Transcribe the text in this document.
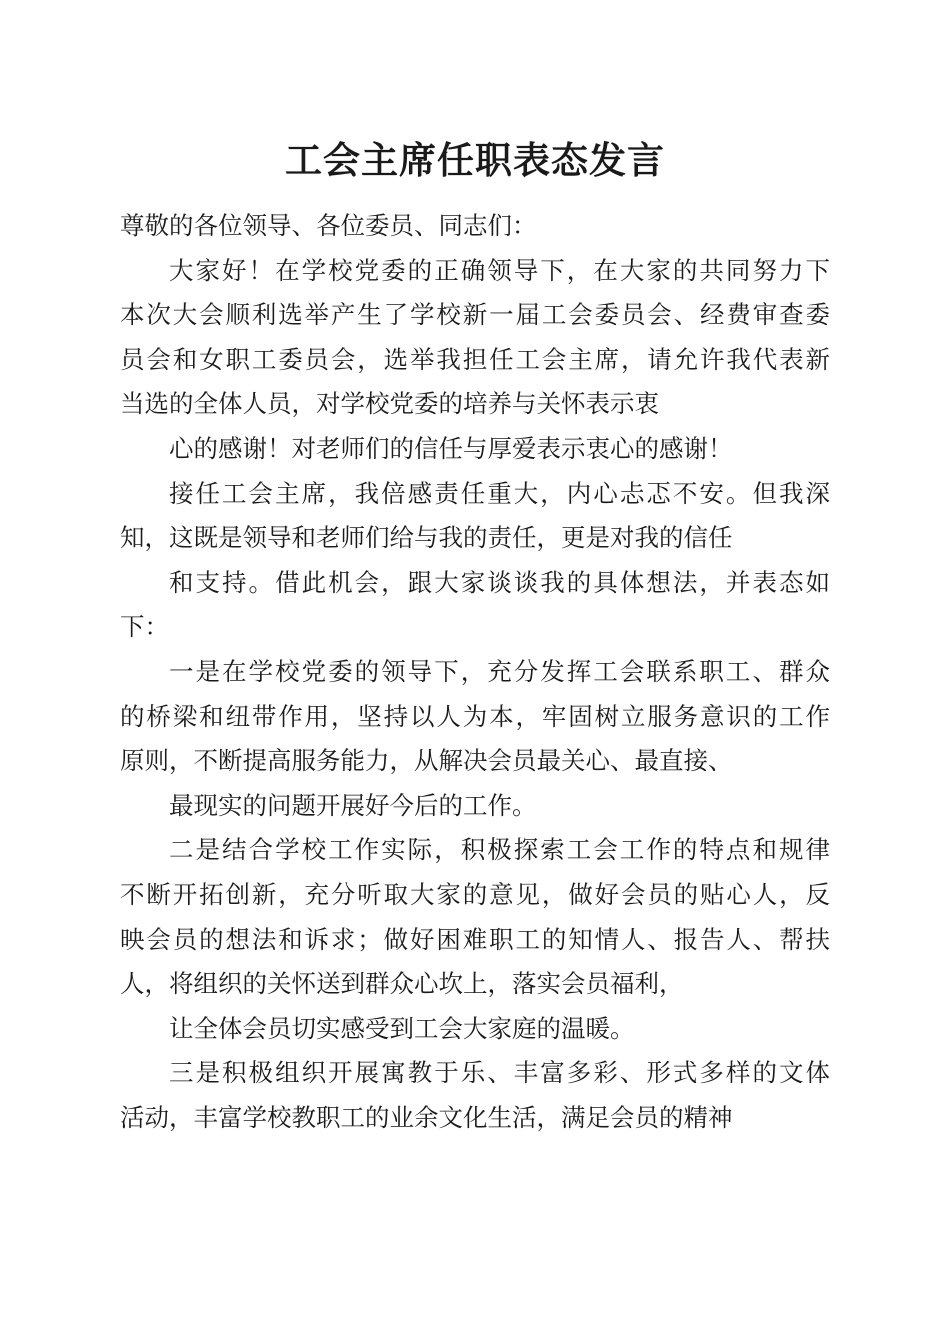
工会主席任职表态发言

尊敬的各位领导、各位委员、同志们：

大家好！在学校党委的正确领导下，在大家的共同努力下

本次大会顺利选举产生了学校新一届工会委员会、经费审查委

员会和女职工委员会，选举我担任工会主席，请允许我代表新

当选的全体人员，对学校党委的培养与关怀表示衷

心的感谢！对老师们的信任与厚爱表示衷心的感谢！

接任工会主席，我倍感责任重大，内心忐忑不安。但我深

知，这既是领导和老师们给与我的责任，更是对我的信任

和支持。借此机会，跟大家谈谈我的具体想法，并表态如

下：

一是在学校党委的领导下，充分发挥工会联系职工、群众

的桥梁和纽带作用，坚持以人为本，牢固树立服务意识的工作

原则，不断提高服务能力，从解决会员最关心、最直接、

最现实的问题开展好今后的工作。

二是结合学校工作实际，积极探索工会工作的特点和规律

不断开拓创新，充分听取大家的意见，做好会员的贴心人，反

映会员的想法和诉求；做好困难职工的知情人、报告人、帮扶

人，将组织的关怀送到群众心坎上，落实会员福利，

让全体会员切实感受到工会大家庭的温暖。

三是积极组织开展寓教于乐、丰富多彩、形式多样的文体

活动，丰富学校教职工的业余文化生活，满足会员的精神
